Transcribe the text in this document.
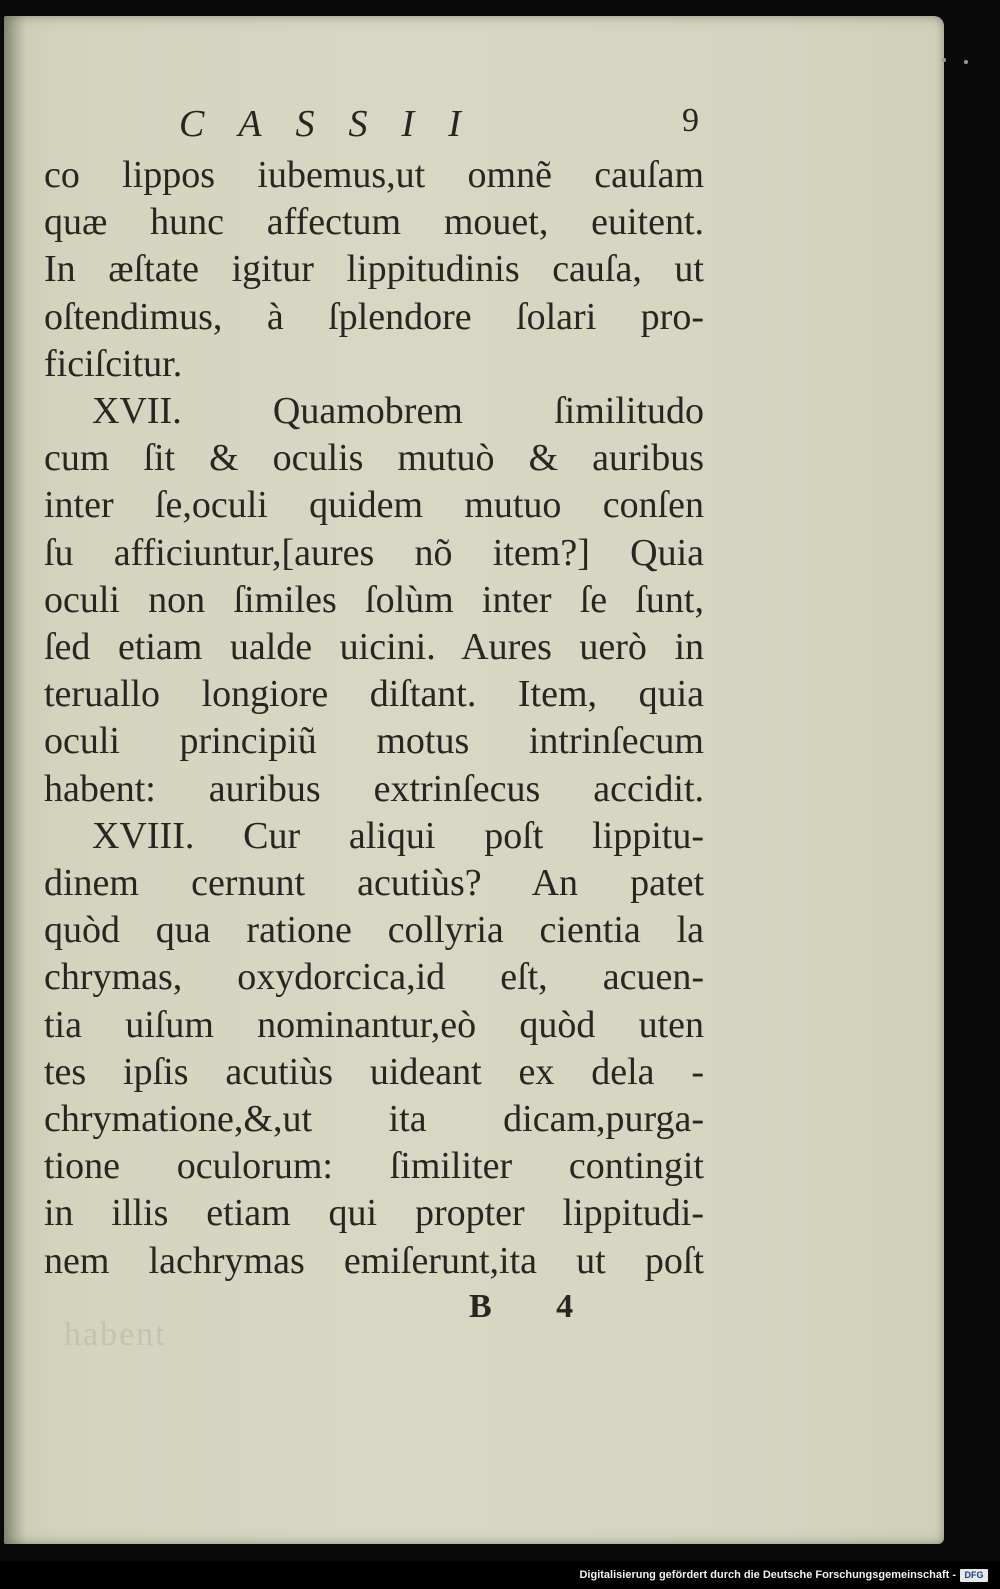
habent
CASSII	9
co lippos iubemus,ut omnẽ cauſam
quæ hunc affectum mouet, euitent.
In æſtate igitur lippitudinis cauſa, ut
oſtendimus, à ſplendore ſolari pro-
ficiſcitur.
XVII. Quamobrem ſimilitudo
cum ſit & oculis mutuò & auribus
inter ſe,oculi quidem mutuo conſen
ſu afficiuntur,[aures nõ item?] Quia
oculi non ſimiles ſolùm inter ſe ſunt,
ſed etiam ualde uicini. Aures uerò in
teruallo longiore diſtant. Item, quia
oculi principiũ motus intrinſecum
habent: auribus extrinſecus accidit.
XVIII. Cur aliqui poſt lippitu-
dinem cernunt acutiùs? An patet
quòd qua ratione collyria cientia la
chrymas, oxydorcica,id eſt, acuen-
tia uiſum nominantur,eò quòd uten
tes ipſis acutiùs uideant ex dela -
chrymatione,&,ut ita dicam,purga-
tione oculorum: ſimiliter contingit
in illis etiam qui propter lippitudi-
nem lachrymas emiſerunt,ita ut poſt
B 4
Digitalisierung gefördert durch die Deutsche Forschungsgemeinschaft - DFG
